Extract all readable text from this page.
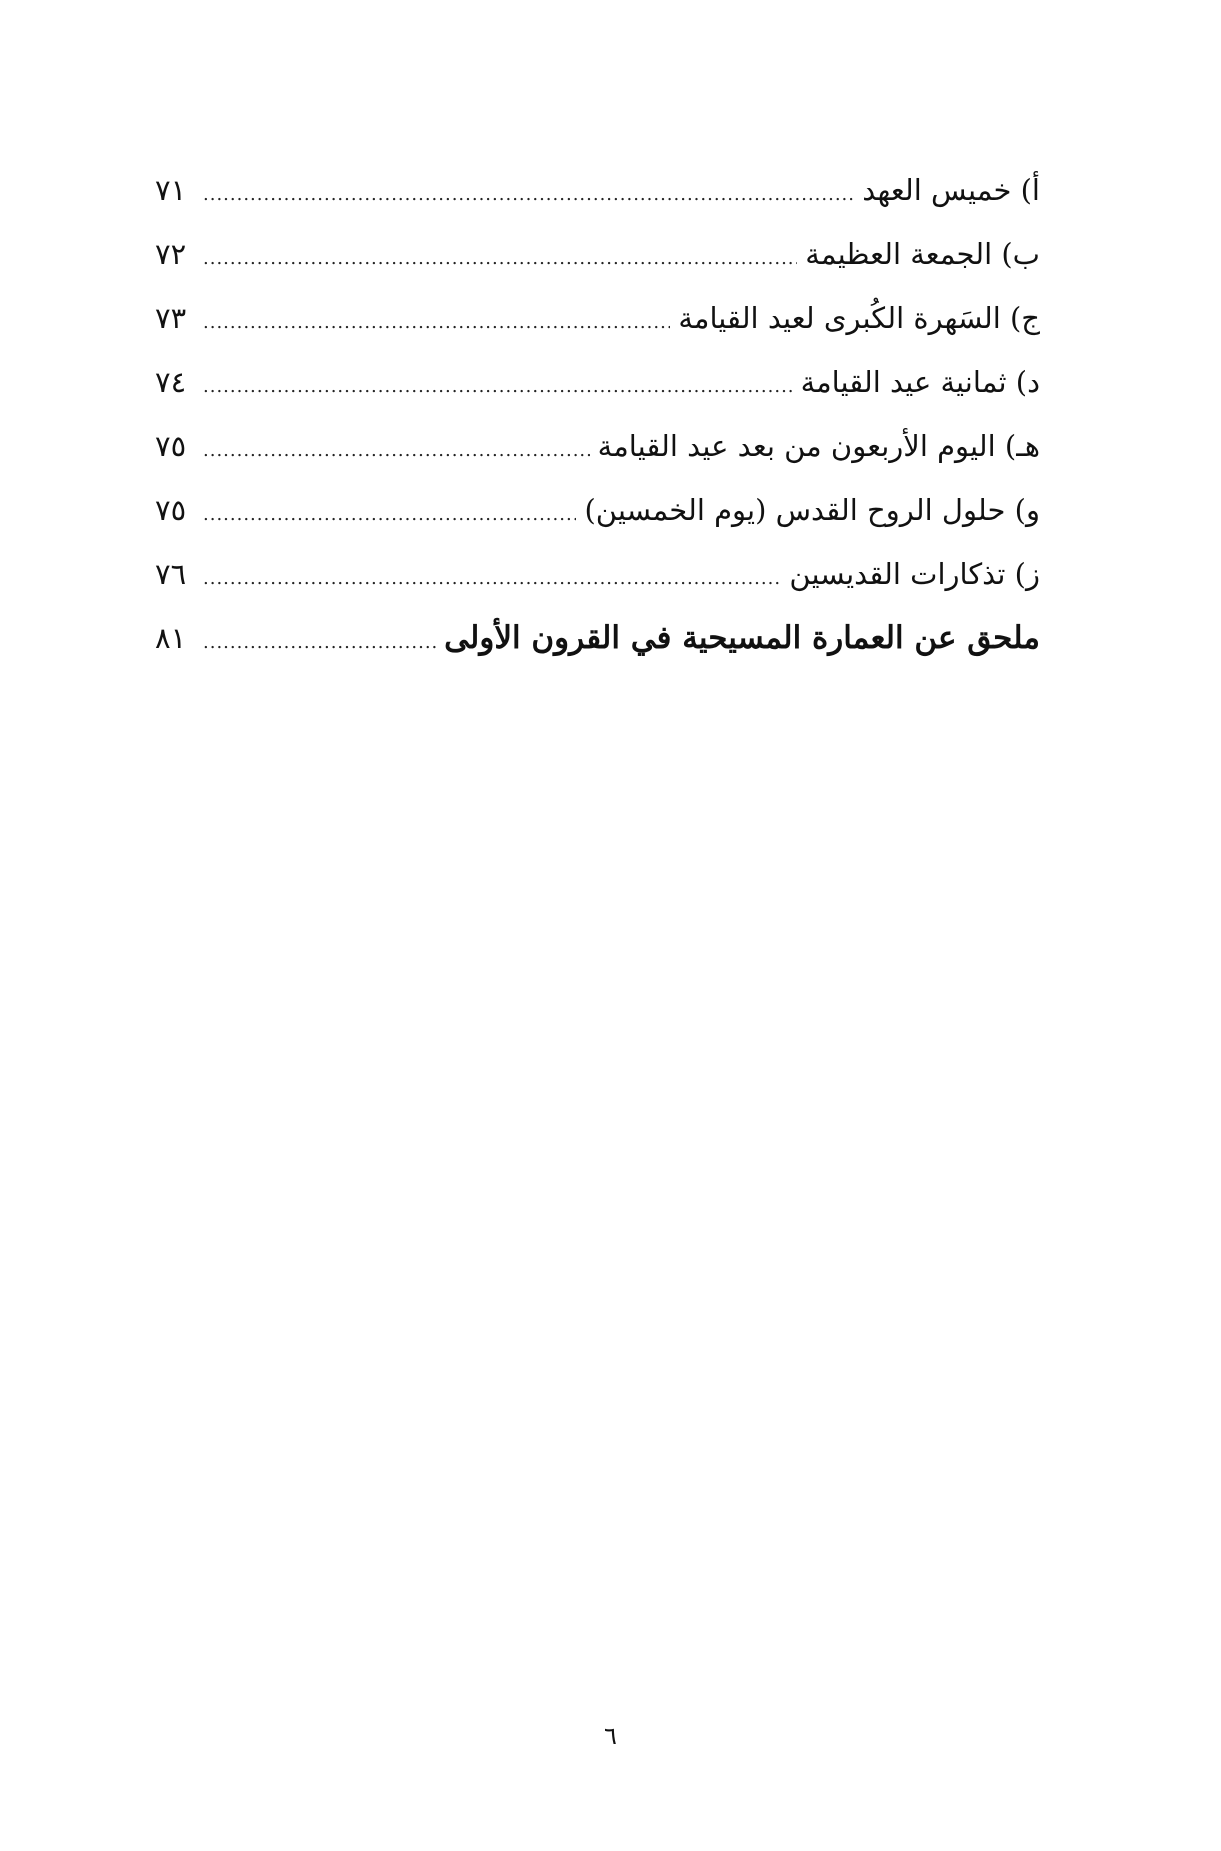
أ) خميس العهد
.....
٧١
ب) الجمعة العظيمة
.....
٧٢
ج) السَهرة الكُبرى لعيد القيامة
.....
٧٣
د) ثمانية عيد القيامة
.....
٧٤
هـ) اليوم الأربعون من بعد عيد القيامة
.....
٧٥
و) حلول الروح القدس (يوم الخمسين)
.....
٧٥
ز) تذكارات القديسين
.....
٧٦
ملحق عن العمارة المسيحية في القرون الأولى
.....
٨١
٦
